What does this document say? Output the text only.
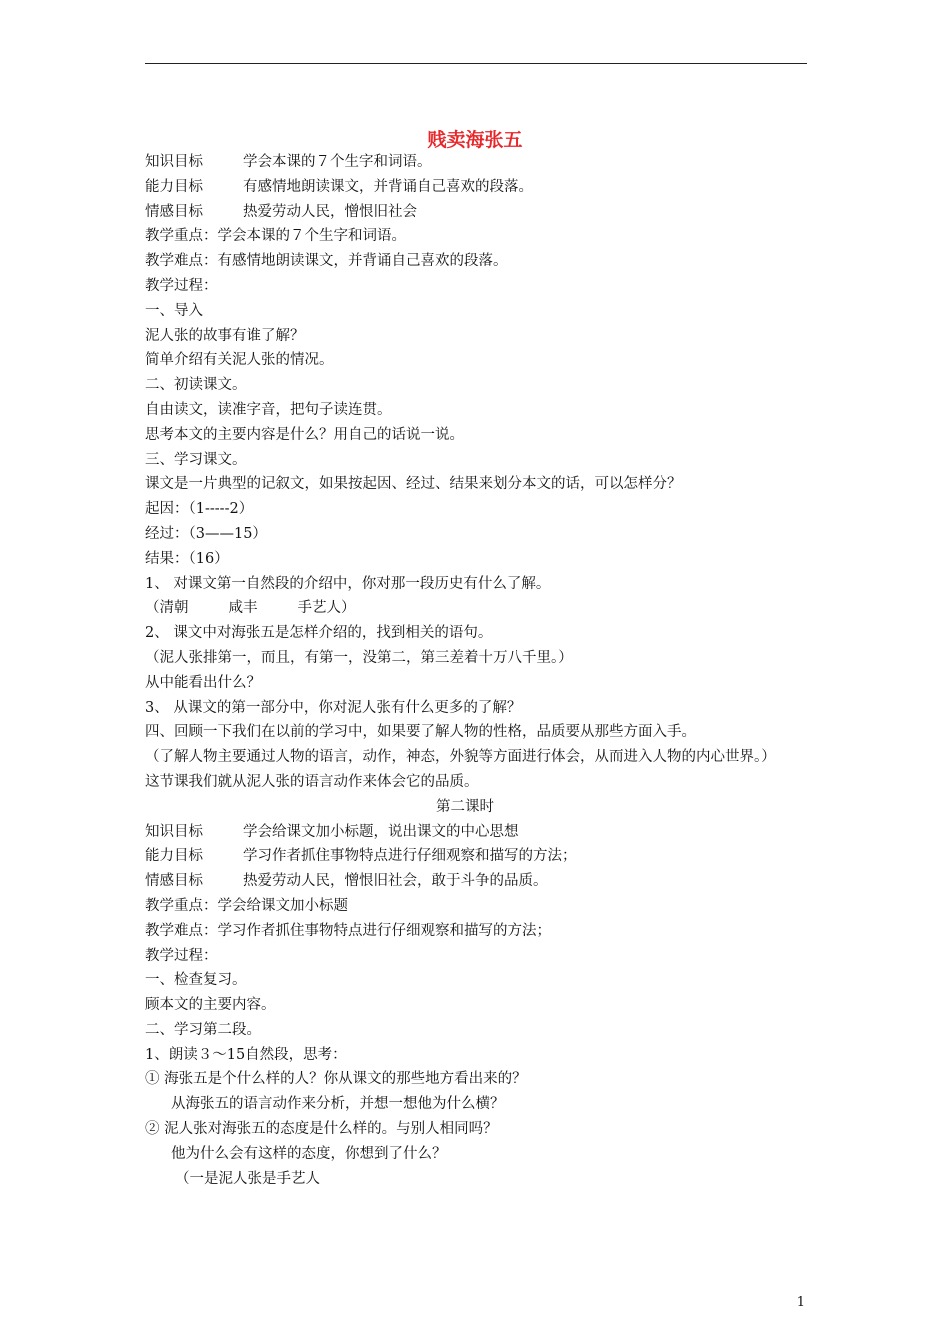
贱卖海张五
知识目标	学会本课的７个生字和词语。
能力目标	有感情地朗读课文，并背诵自己喜欢的段落。
情感目标	热爱劳动人民，憎恨旧社会
教学重点：学会本课的７个生字和词语。
教学难点：有感情地朗读课文，并背诵自己喜欢的段落。
教学过程：
一、导入
泥人张的故事有谁了解？
简单介绍有关泥人张的情况。
二、初读课文。
自由读文，读准字音，把句子读连贯。
思考本文的主要内容是什么？用自己的话说一说。
三、学习课文。
课文是一片典型的记叙文，如果按起因、经过、结果来划分本文的话，可以怎样分？
起因：（1-----2）
经过：（3——15）
结果：（16）
1、 对课文第一自然段的介绍中，你对那一段历史有什么了解。
（清朝	咸丰	手艺人）
2、 课文中对海张五是怎样介绍的，找到相关的语句。
（泥人张排第一，而且，有第一，没第二，第三差着十万八千里。）
从中能看出什么？
3、 从课文的第一部分中，你对泥人张有什么更多的了解？
四、回顾一下我们在以前的学习中，如果要了解人物的性格，品质要从那些方面入手。
（了解人物主要通过人物的语言，动作，神态，外貌等方面进行体会，从而进入人物的内心世界。）
这节课我们就从泥人张的语言动作来体会它的品质。
第二课时
知识目标	学会给课文加小标题，说出课文的中心思想
能力目标	学习作者抓住事物特点进行仔细观察和描写的方法；
情感目标	热爱劳动人民，憎恨旧社会，敢于斗争的品质。
教学重点：学会给课文加小标题
教学难点：学习作者抓住事物特点进行仔细观察和描写的方法；
教学过程：
一、检查复习。
顾本文的主要内容。
二、学习第二段。
1、朗读３～15自然段，思考：
① 海张五是个什么样的人？你从课文的那些地方看出来的？
从海张五的语言动作来分析，并想一想他为什么横？
② 泥人张对海张五的态度是什么样的。与别人相同吗？
他为什么会有这样的态度，你想到了什么？
（一是泥人张是手艺人
1
